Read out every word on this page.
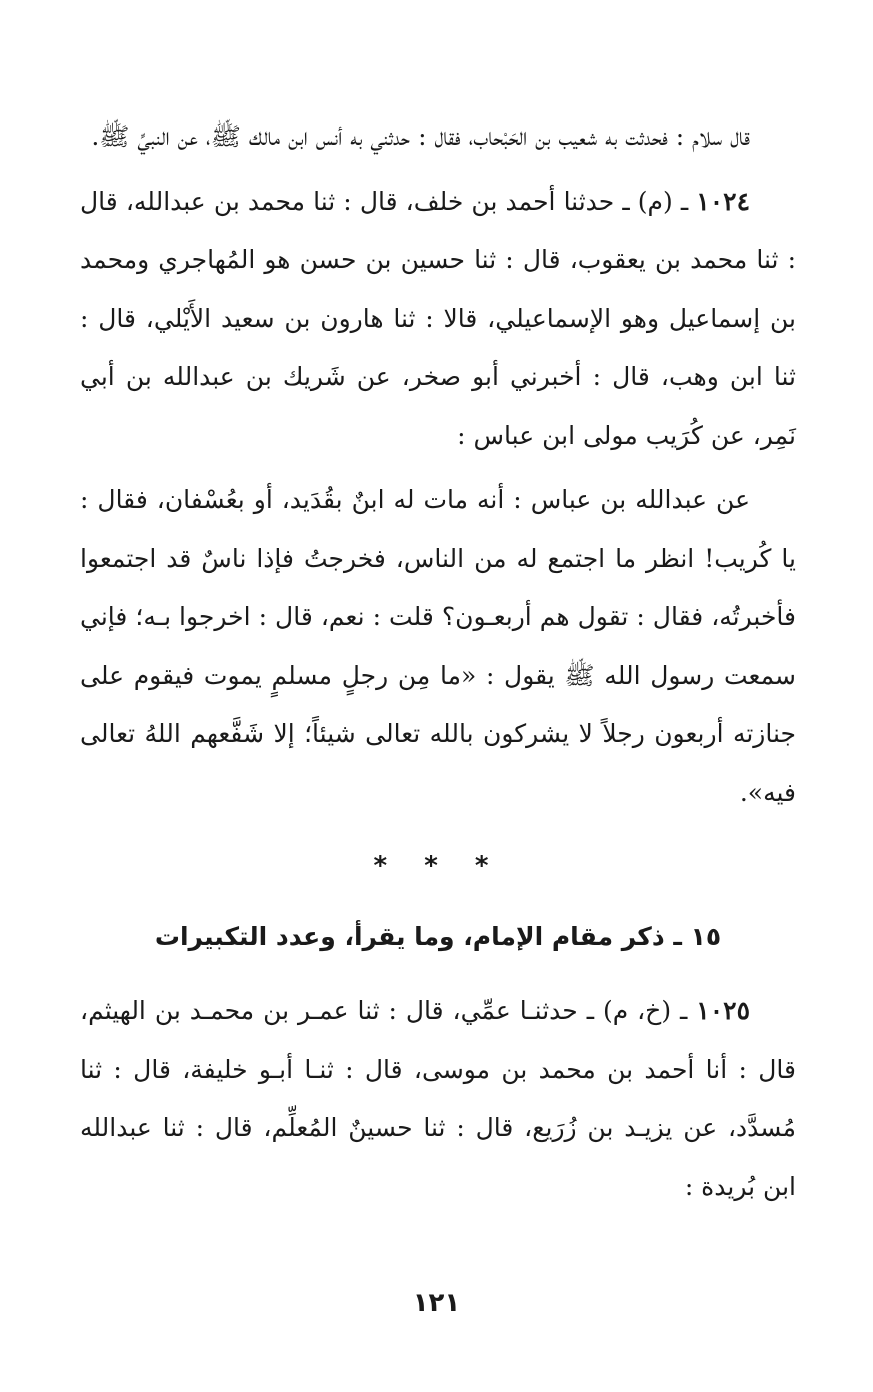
قال سلام : فحدثت به شعيب بن الحَبْحاب، فقال : حدثني به أنس ابن مالك ﷺ، عن النبيِّ ﷺ.

١٠٢٤ ـ (م) ـ حدثنا أحمد بن خلف، قال : ثنا محمد بن عبدالله، قال : ثنا محمد بن يعقوب، قال : ثنا حسين بن حسن هو المُهاجري ومحمد بن إسماعيل وهو الإسماعيلي، قالا : ثنا هارون بن سعيد الأَيْلي، قال : ثنا ابن وهب، قال : أخبرني أبو صخر، عن شَريك بن عبدالله بن أبي نَمِر، عن كُرَيب مولى ابن عباس :

عن عبدالله بن عباس : أنه مات له ابنٌ بقُدَيد، أو بعُسْفان، فقال : يا كُريب! انظر ما اجتمع له من الناس، فخرجتُ فإذا ناسٌ قد اجتمعوا فأخبرتُه، فقال : تقول هم أربعـون؟ قلت : نعم، قال : اخرجوا بـه؛ فإني سمعت رسول الله ﷺ يقول : «ما مِن رجلٍ مسلمٍ يموت فيقوم على جنازته أربعون رجلاً لا يشركون بالله تعالى شيئاً؛ إلا شَفَّعهم اللهُ تعالى فيه».

* * *
١٥ ـ ذكر مقام الإمام، وما يقرأ، وعدد التكبيرات

١٠٢٥ ـ (خ، م) ـ حدثنـا عمِّي، قال : ثنا عمـر بن محمـد بن الهيثم، قال : أنا أحمد بن محمد بن موسى، قال : ثنـا أبـو خليفة، قال : ثنا مُسدَّد، عن يزيـد بن زُرَيع، قال : ثنا حسينٌ المُعلِّم، قال : ثنا عبدالله ابن بُريدة :

١٢١
